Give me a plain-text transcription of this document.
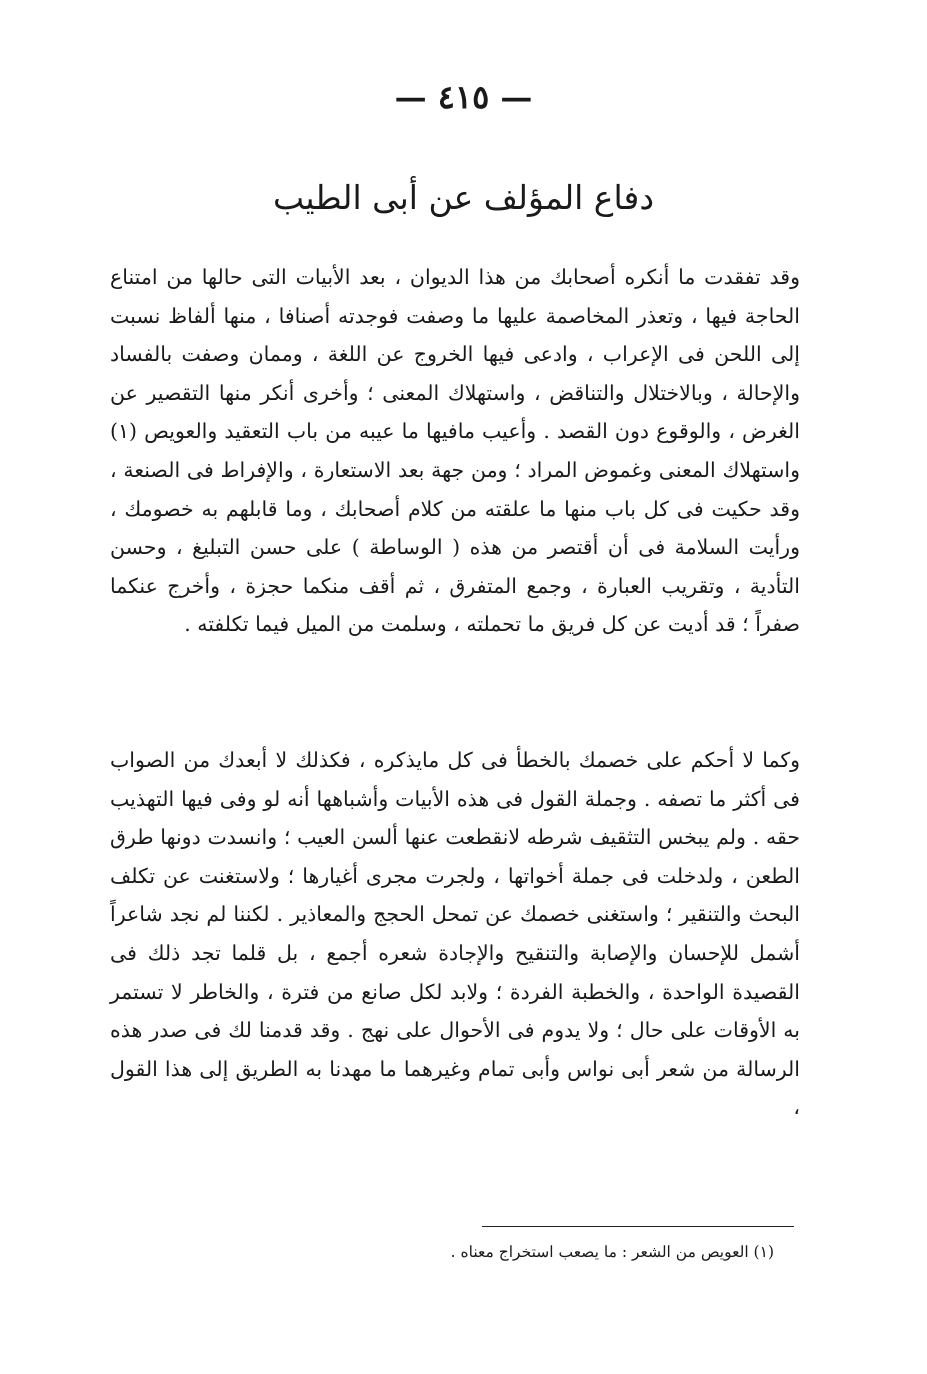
— ٤١٥ —
دفاع المؤلف عن أبى الطيب

وقد تفقدت ما أنكره أصحابك من هذا الديوان ، بعد الأبيات التى حالها من امتناع الحاجة فيها ، وتعذر المخاصمة عليها ما وصفت فوجدته أصنافا ، منها ألفاظ نسبت إلى اللحن فى الإعراب ، وادعى فيها الخروج عن اللغة ، وممان وصفت بالفساد والإحالة ، وبالاختلال والتناقض ، واستهلاك المعنى ؛ وأخرى أنكر منها التقصير عن الغرض ، والوقوع دون القصد . وأعيب مافيها ما عيبه من باب التعقيد والعويص (١) واستهلاك المعنى وغموض المراد ؛ ومن جهة بعد الاستعارة ، والإفراط فى الصنعة ، وقد حكيت فى كل باب منها ما علقته من كلام أصحابك ، وما قابلهم به خصومك ، ورأيت السلامة فى أن أقتصر من هذه ( الوساطة ) على حسن التبليغ ، وحسن التأدية ، وتقريب العبارة ، وجمع المتفرق ، ثم أقف منكما حجزة ، وأخرج عنكما صفراً ؛ قد أديت عن كل فريق ما تحملته ، وسلمت من الميل فيما تكلفته .

وكما لا أحكم على خصمك بالخطأ فى كل مايذكره ، فكذلك لا أبعدك من الصواب فى أكثر ما تصفه . وجملة القول فى هذه الأبيات وأشباهها أنه لو وفى فيها التهذيب حقه . ولم يبخس التثقيف شرطه لانقطعت عنها ألسن العيب ؛ وانسدت دونها طرق الطعن ، ولدخلت فى جملة أخواتها ، ولجرت مجرى أغيارها ؛ ولاستغنت عن تكلف البحث والتنقير ؛ واستغنى خصمك عن تمحل الحجج والمعاذير . لكننا لم نجد شاعراً أشمل للإحسان والإصابة والتنقيح والإجادة شعره أجمع ، بل قلما تجد ذلك فى القصيدة الواحدة ، والخطبة الفردة ؛ ولابد لكل صانع من فترة ، والخاطر لا تستمر به الأوقات على حال ؛ ولا يدوم فى الأحوال على نهج . وقد قدمنا لك فى صدر هذه الرسالة من شعر أبى نواس وأبى تمام وغيرهما ما مهدنا به الطريق إلى هذا القول ،

(١) العويص من الشعر : ما يصعب استخراج معناه .
